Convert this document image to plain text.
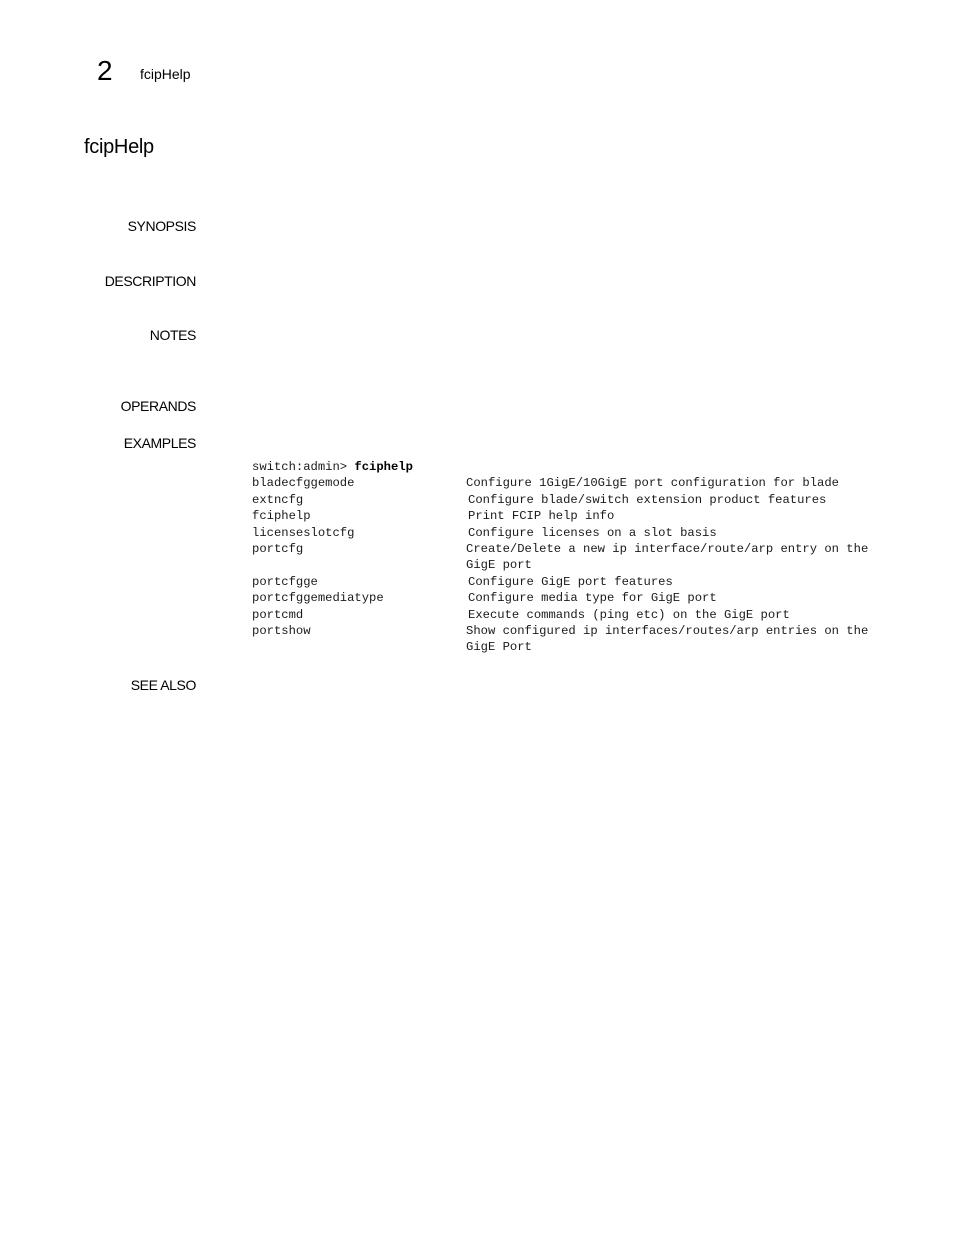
2 fcipHelp
fcipHelp
SYNOPSIS
DESCRIPTION
NOTES
OPERANDS
EXAMPLES
SEE ALSO
switch:admin> fciphelp
bladecfggemode	Configure 1GigE/10GigE port configuration for blade
extncfg	Configure blade/switch extension product features
fciphelp	Print FCIP help info
licenseslotcfg	Configure licenses on a slot basis
portcfg	Create/Delete a new ip interface/route/arp entry on the GigE port
portcfgge	Configure GigE port features
portcfggemediatype	Configure media type for GigE port
portcmd	Execute commands (ping etc) on the GigE port
portshow	Show configured ip interfaces/routes/arp entries on the GigE Port
